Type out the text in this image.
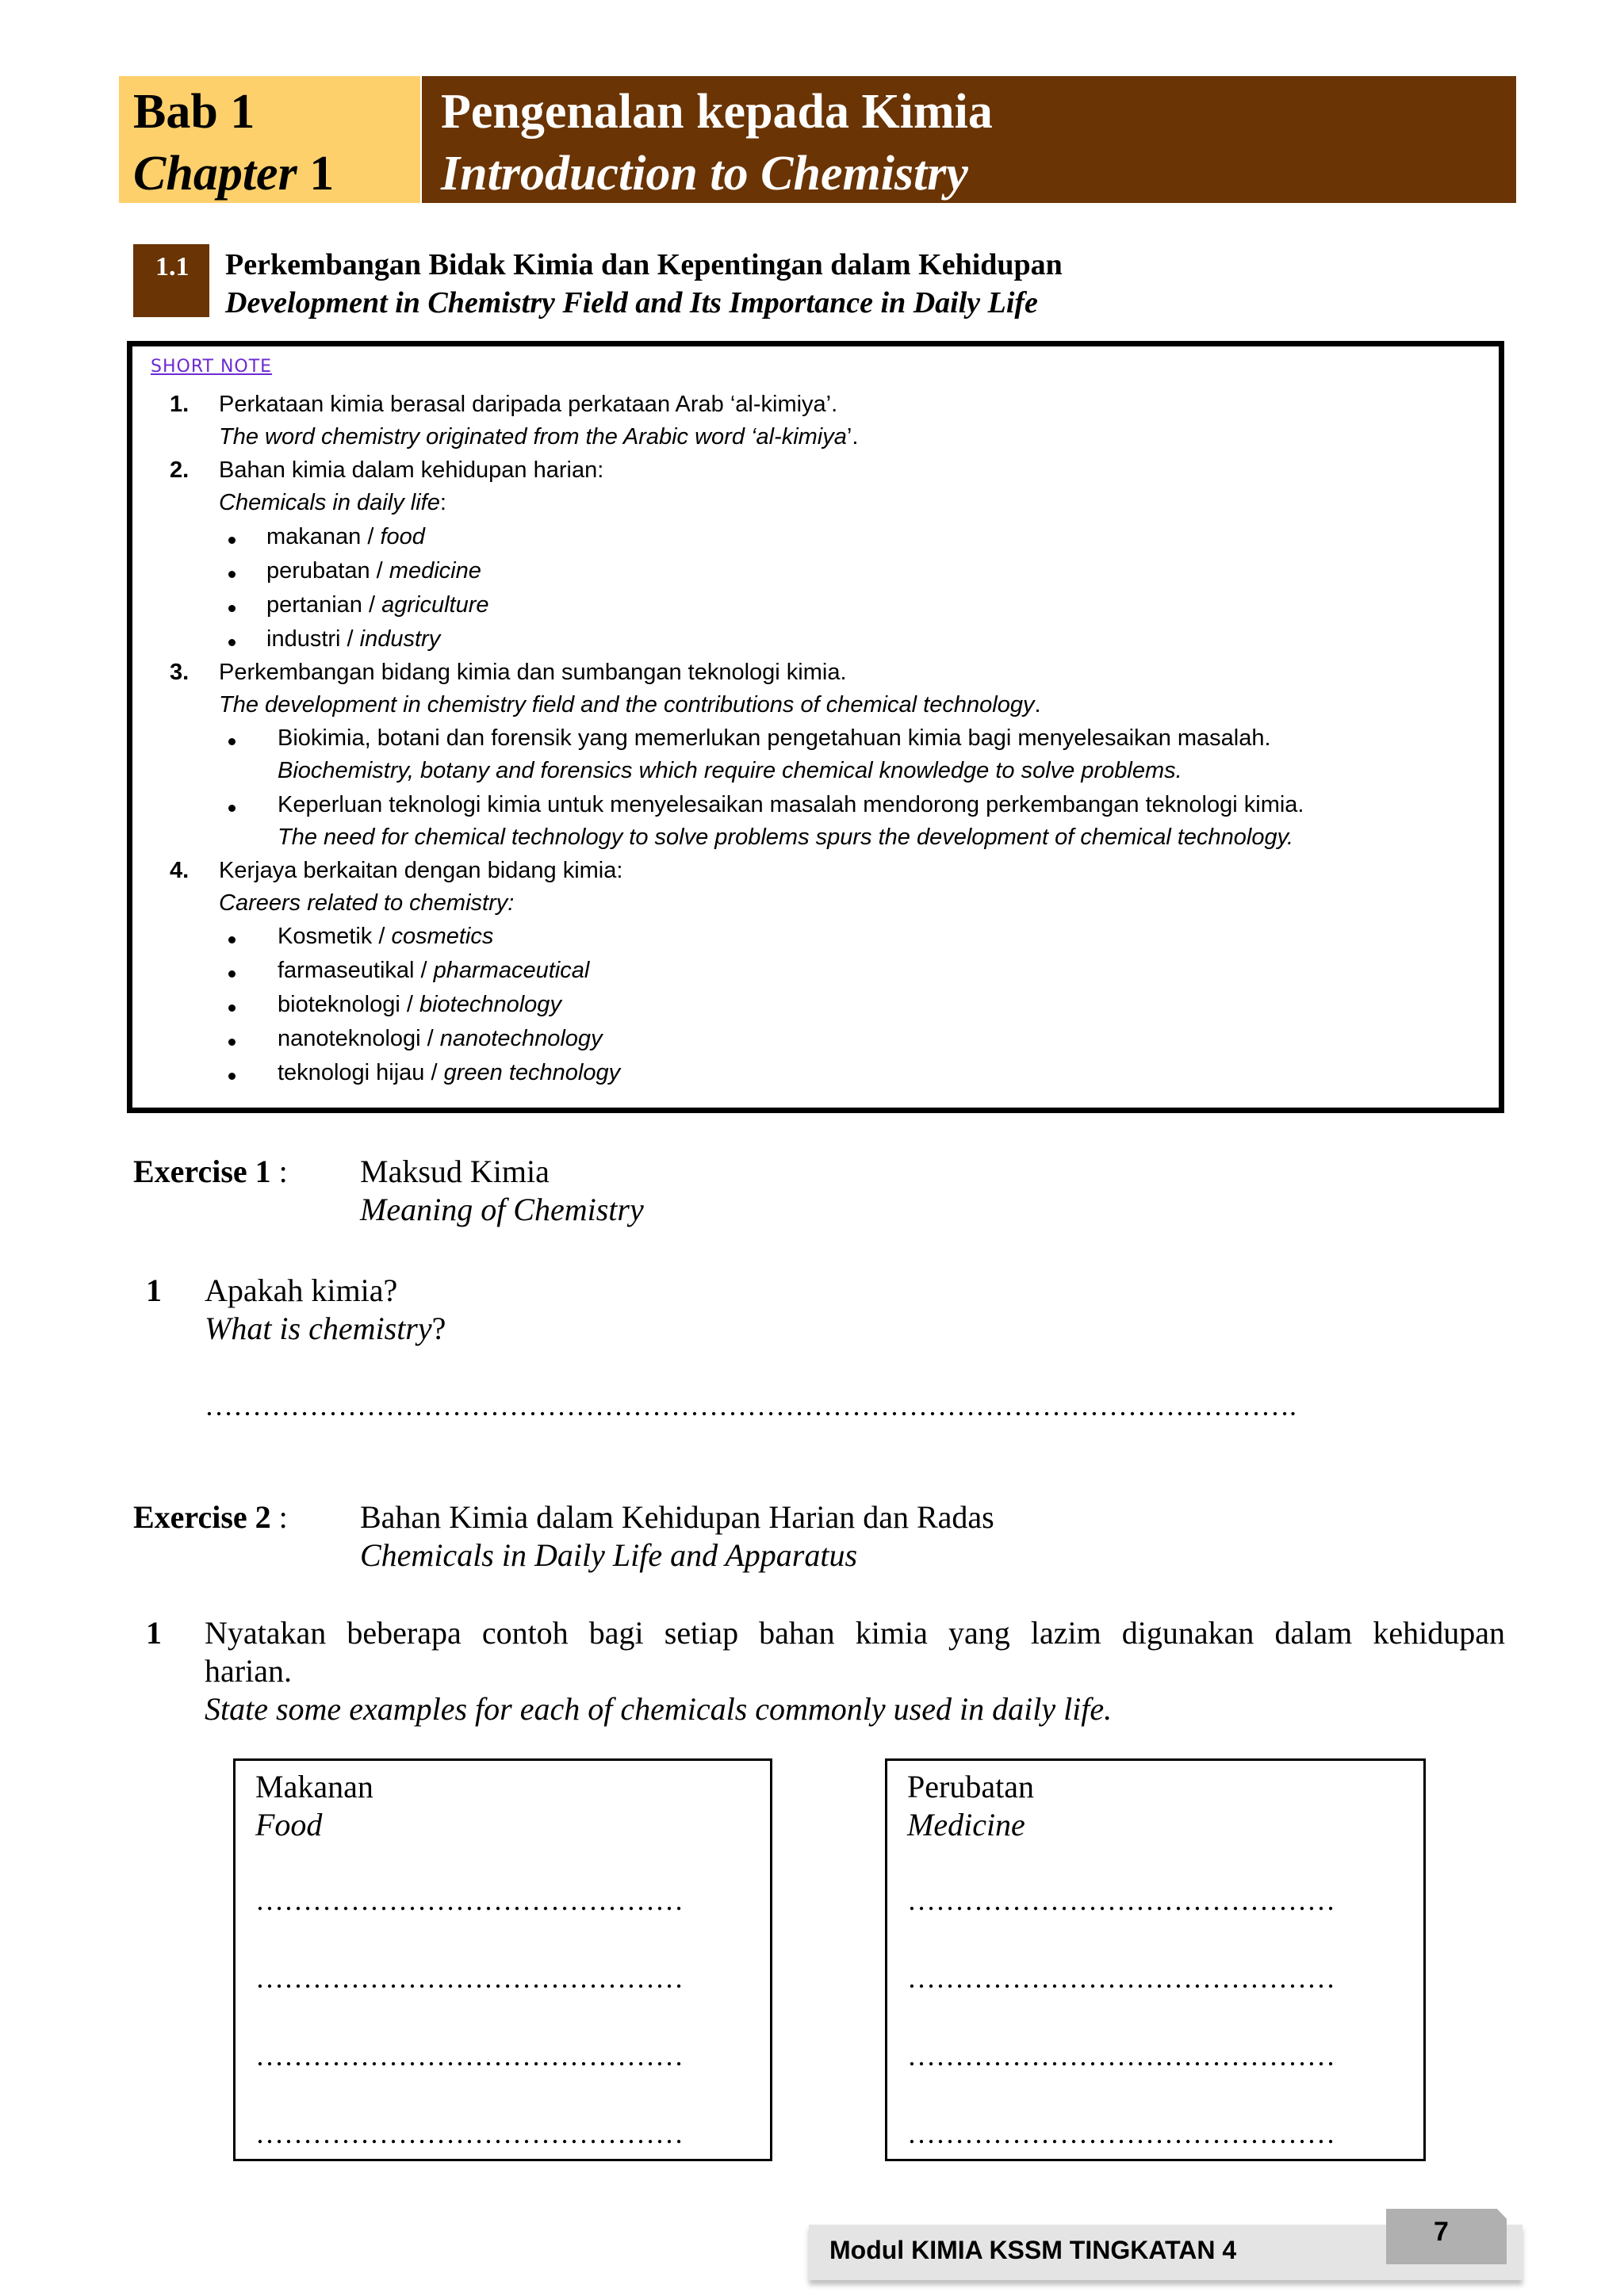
Bab 1
Chapter 1
Pengenalan kepada Kimia
Introduction to Chemistry
1.1 Perkembangan Bidak Kimia dan Kepentingan dalam Kehidupan
Development in Chemistry Field and Its Importance in Daily Life
SHORT NOTE
1. Perkataan kimia berasal daripada perkataan Arab ‘al-kimiya’.
The word chemistry originated from the Arabic word ‘al-kimiya’.
2. Bahan kimia dalam kehidupan harian:
Chemicals in daily life:
makanan / food
perubatan / medicine
pertanian / agriculture
industri / industry
3. Perkembangan bidang kimia dan sumbangan teknologi kimia.
The development in chemistry field and the contributions of chemical technology.
Biokimia, botani dan forensik yang memerlukan pengetahuan kimia bagi menyelesaikan masalah.
Biochemistry, botany and forensics which require chemical knowledge to solve problems.
Keperluan teknologi kimia untuk menyelesaikan masalah mendorong perkembangan teknologi kimia.
The need for chemical technology to solve problems spurs the development of chemical technology.
4. Kerjaya berkaitan dengan bidang kimia:
Careers related to chemistry:
Kosmetik / cosmetics
farmaseutikal / pharmaceutical
bioteknologi / biotechnology
nanoteknologi / nanotechnology
teknologi hijau / green technology
Exercise 1 : Maksud Kimia
Meaning of Chemistry
1 Apakah kimia?
What is chemistry?
…………………………………………………………………………………………………….
Exercise 2 : Bahan Kimia dalam Kehidupan Harian dan Radas
Chemicals in Daily Life and Apparatus
1 Nyatakan beberapa contoh bagi setiap bahan kimia yang lazim digunakan dalam kehidupan
harian.
State some examples for each of chemicals commonly used in daily life.
Makanan
Food
………………………………………
………………………………………
………………………………………
………………………………………
Perubatan
Medicine
………………………………………
………………………………………
………………………………………
………………………………………
Modul KIMIA KSSM TINGKATAN 4
7
